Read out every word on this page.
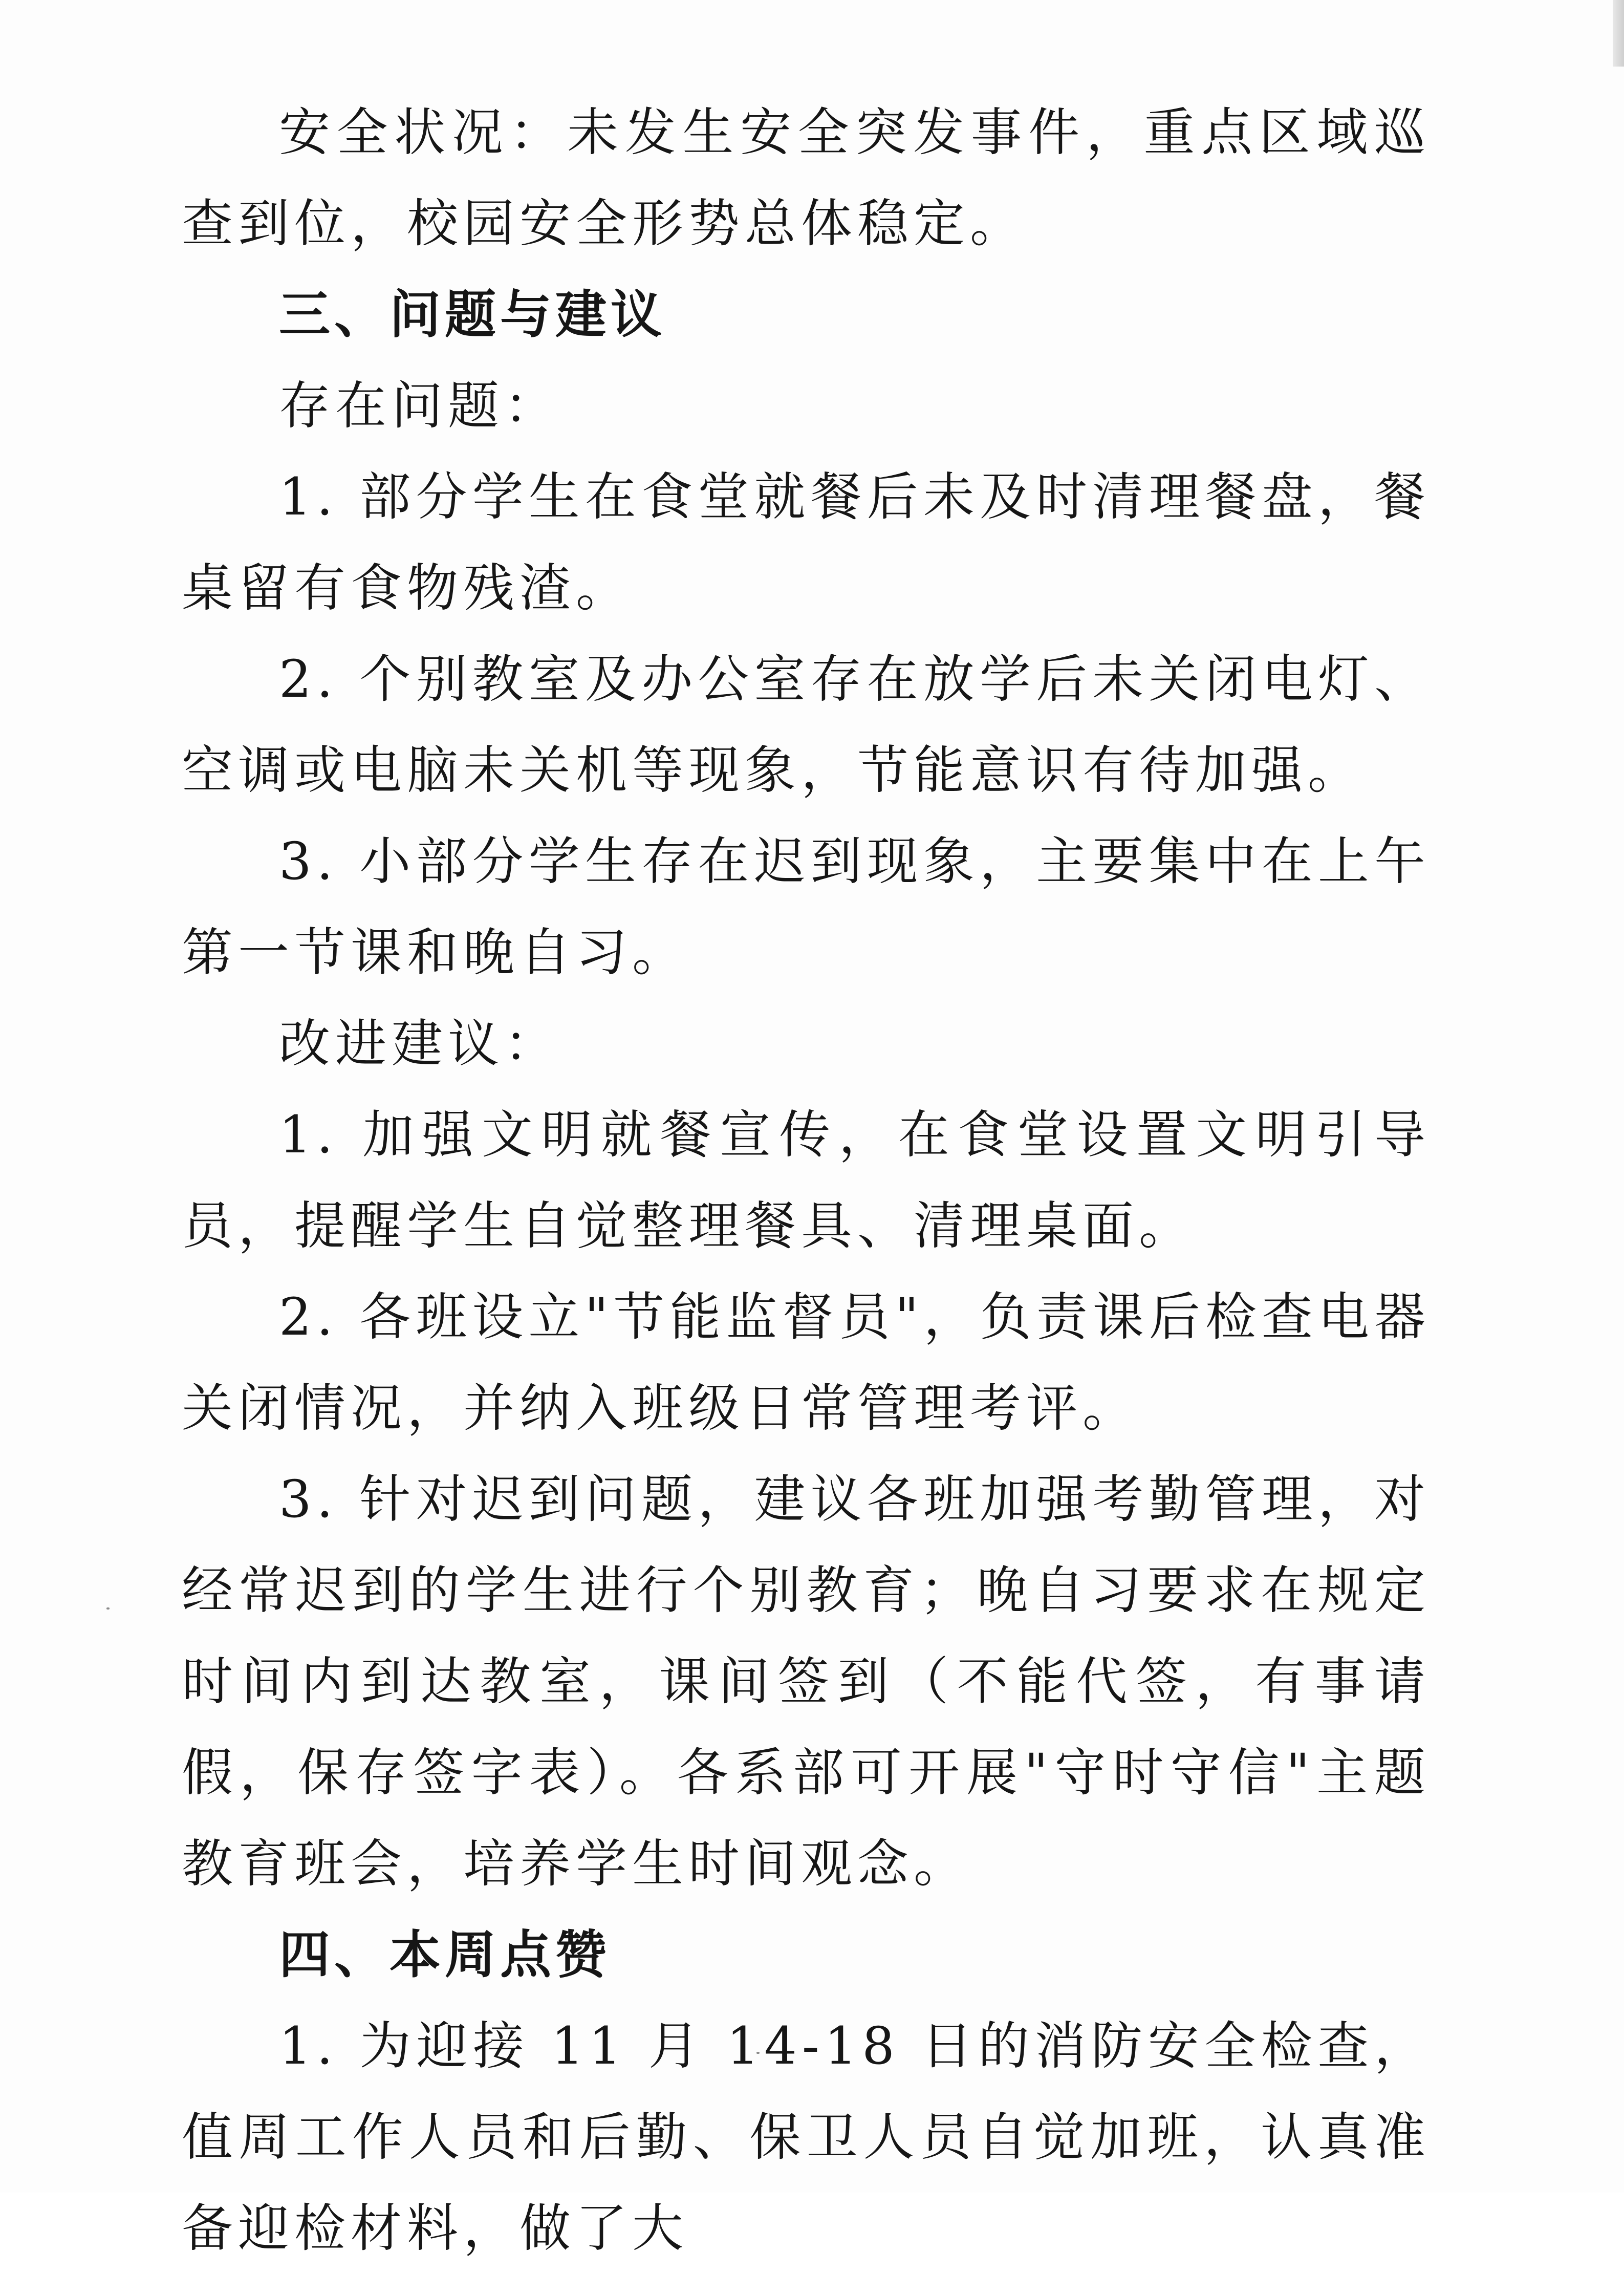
安全状况：未发生安全突发事件，重点区域巡查到位，校园安全形势总体稳定。

三、问题与建议

存在问题：

1. 部分学生在食堂就餐后未及时清理餐盘，餐桌留有食物残渣。

2. 个别教室及办公室存在放学后未关闭电灯、空调或电脑未关机等现象，节能意识有待加强。

3. 小部分学生存在迟到现象，主要集中在上午第一节课和晚自习。

改进建议：

1. 加强文明就餐宣传，在食堂设置文明引导员，提醒学生自觉整理餐具、清理桌面。

2. 各班设立"节能监督员"，负责课后检查电器关闭情况，并纳入班级日常管理考评。

3. 针对迟到问题，建议各班加强考勤管理，对经常迟到的学生进行个别教育；晚自习要求在规定时间内到达教室，课间签到（不能代签，有事请假，保存签字表）。各系部可开展"守时守信"主题教育班会，培养学生时间观念。

四、本周点赞

1. 为迎接 11 月 14-18 日的消防安全检查，值周工作人员和后勤、保卫人员自觉加班，认真准备迎检材料，做了大
